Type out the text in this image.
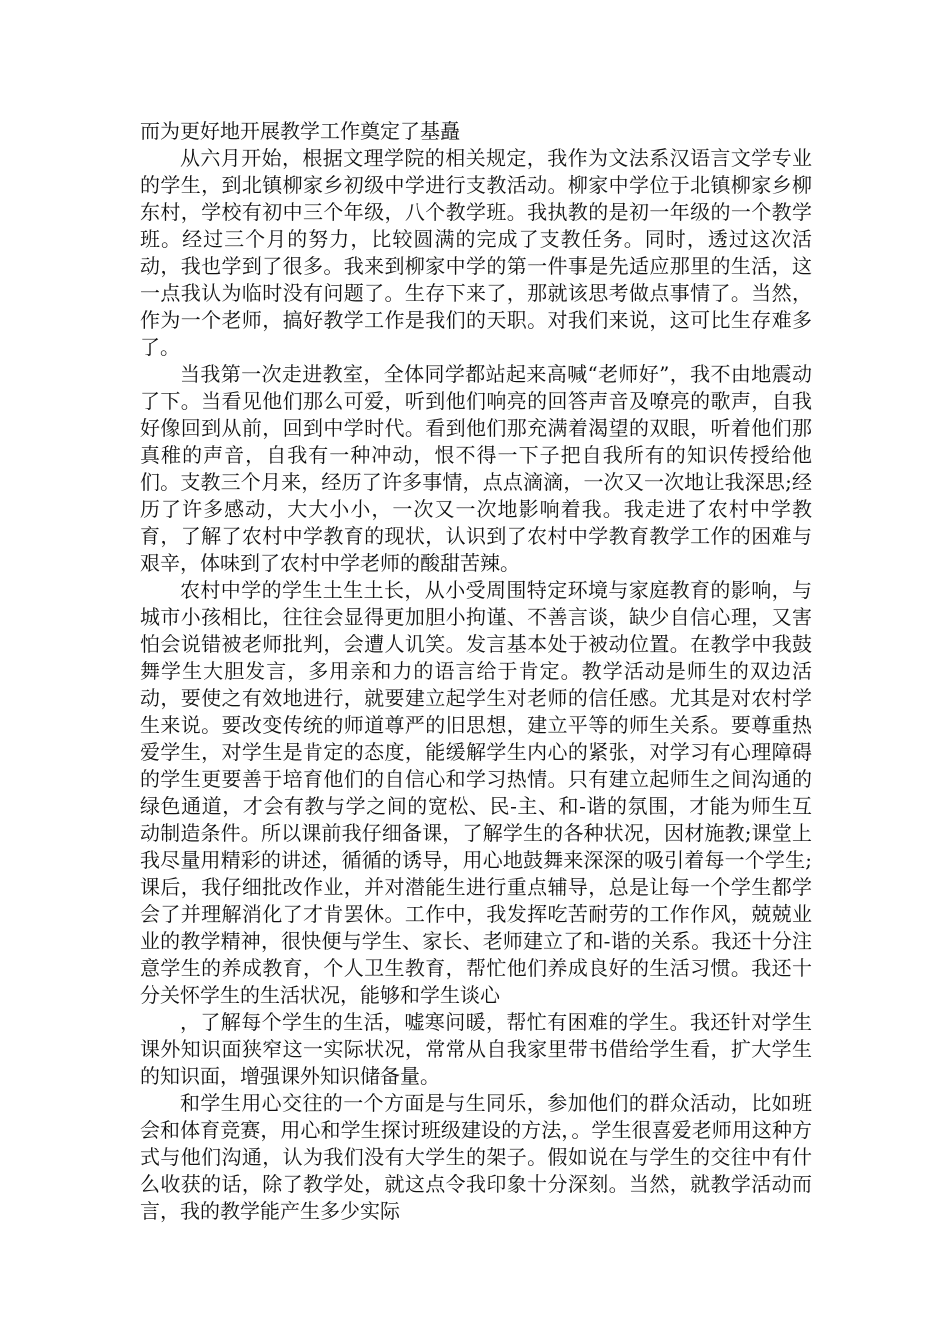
而为更好地开展教学工作奠定了基矗

从六月开始，根据文理学院的相关规定，我作为文法系汉语言文学专业的学生，到北镇柳家乡初级中学进行支教活动。柳家中学位于北镇柳家乡柳东村，学校有初中三个年级，八个教学班。我执教的是初一年级的一个教学班。经过三个月的努力，比较圆满的完成了支教任务。同时，透过这次活动，我也学到了很多。我来到柳家中学的第一件事是先适应那里的生活，这一点我认为临时没有问题了。生存下来了，那就该思考做点事情了。当然，作为一个老师，搞好教学工作是我们的天职。对我们来说，这可比生存难多了。

当我第一次走进教室，全体同学都站起来高喊“老师好”，我不由地震动了下。当看见他们那么可爱，听到他们响亮的回答声音及嘹亮的歌声，自我好像回到从前，回到中学时代。看到他们那充满着渴望的双眼，听着他们那真稚的声音，自我有一种冲动，恨不得一下子把自我所有的知识传授给他们。支教三个月来，经历了许多事情，点点滴滴，一次又一次地让我深思;经历了许多感动，大大小小，一次又一次地影响着我。我走进了农村中学教育，了解了农村中学教育的现状，认识到了农村中学教育教学工作的困难与艰辛，体味到了农村中学老师的酸甜苦辣。

农村中学的学生土生土长，从小受周围特定环境与家庭教育的影响，与城市小孩相比，往往会显得更加胆小拘谨、不善言谈，缺少自信心理，又害怕会说错被老师批判，会遭人讥笑。发言基本处于被动位置。在教学中我鼓舞学生大胆发言，多用亲和力的语言给于肯定。教学活动是师生的双边活动，要使之有效地进行，就要建立起学生对老师的信任感。尤其是对农村学生来说。要改变传统的师道尊严的旧思想，建立平等的师生关系。要尊重热爱学生，对学生是肯定的态度，能缓解学生内心的紧张，对学习有心理障碍的学生更要善于培育他们的自信心和学习热情。只有建立起师生之间沟通的绿色通道，才会有教与学之间的宽松、民-主、和-谐的氛围，才能为师生互动制造条件。所以课前我仔细备课，了解学生的各种状况，因材施教;课堂上我尽量用精彩的讲述，循循的诱导，用心地鼓舞来深深的吸引着每一个学生;课后，我仔细批改作业，并对潜能生进行重点辅导，总是让每一个学生都学会了并理解消化了才肯罢休。工作中，我发挥吃苦耐劳的工作作风，兢兢业业的教学精神，很快便与学生、家长、老师建立了和-谐的关系。我还十分注意学生的养成教育，个人卫生教育，帮忙他们养成良好的生活习惯。我还十分关怀学生的生活状况，能够和学生谈心

，了解每个学生的生活，嘘寒问暖，帮忙有困难的学生。我还针对学生课外知识面狭窄这一实际状况，常常从自我家里带书借给学生看，扩大学生的知识面，增强课外知识储备量。

和学生用心交往的一个方面是与生同乐，参加他们的群众活动，比如班会和体育竞赛，用心和学生探讨班级建设的方法，。学生很喜爱老师用这种方式与他们沟通，认为我们没有大学生的架子。假如说在与学生的交往中有什么收获的话，除了教学处，就这点令我印象十分深刻。当然，就教学活动而言，我的教学能产生多少实际
